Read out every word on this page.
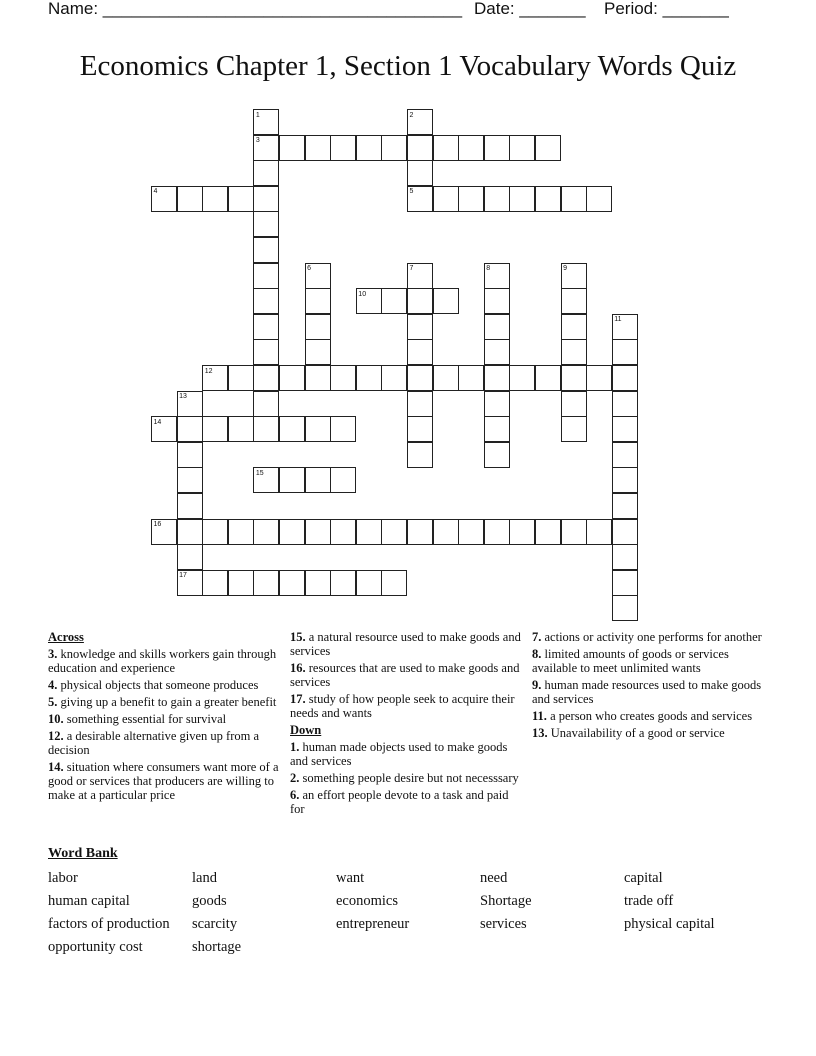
Name: ______________________________________ Date: _______ Period: _______
Economics Chapter 1, Section 1 Vocabulary Words Quiz
1	2
3
4	5
6	7	8	9
10
11
12
13
14
15
16
17
Across
3. knowledge and skills workers gain through education and experience
4. physical objects that someone produces
5. giving up a benefit to gain a greater benefit
10. something essential for survival
12. a desirable alternative given up from a decision
14. situation where consumers want more of a good or services that producers are willing to make at a particular price
15. a natural resource used to make goods and services
16. resources that are used to make goods and services
17. study of how people seek to acquire their needs and wants
Down
1. human made objects used to make goods and services
2. something people desire but not necesssary
6. an effort people devote to a task and paid for
7. actions or activity one performs for another
8. limited amounts of goods or services available to meet unlimited wants
9. human made resources used to make goods and services
11. a person who creates goods and services
13. Unavailability of a good or service
Word Bank
labor	land	want	need	capital
human capital	goods	economics	Shortage	trade off
factors of production	scarcity	entrepreneur	services	physical capital
opportunity cost	shortage
